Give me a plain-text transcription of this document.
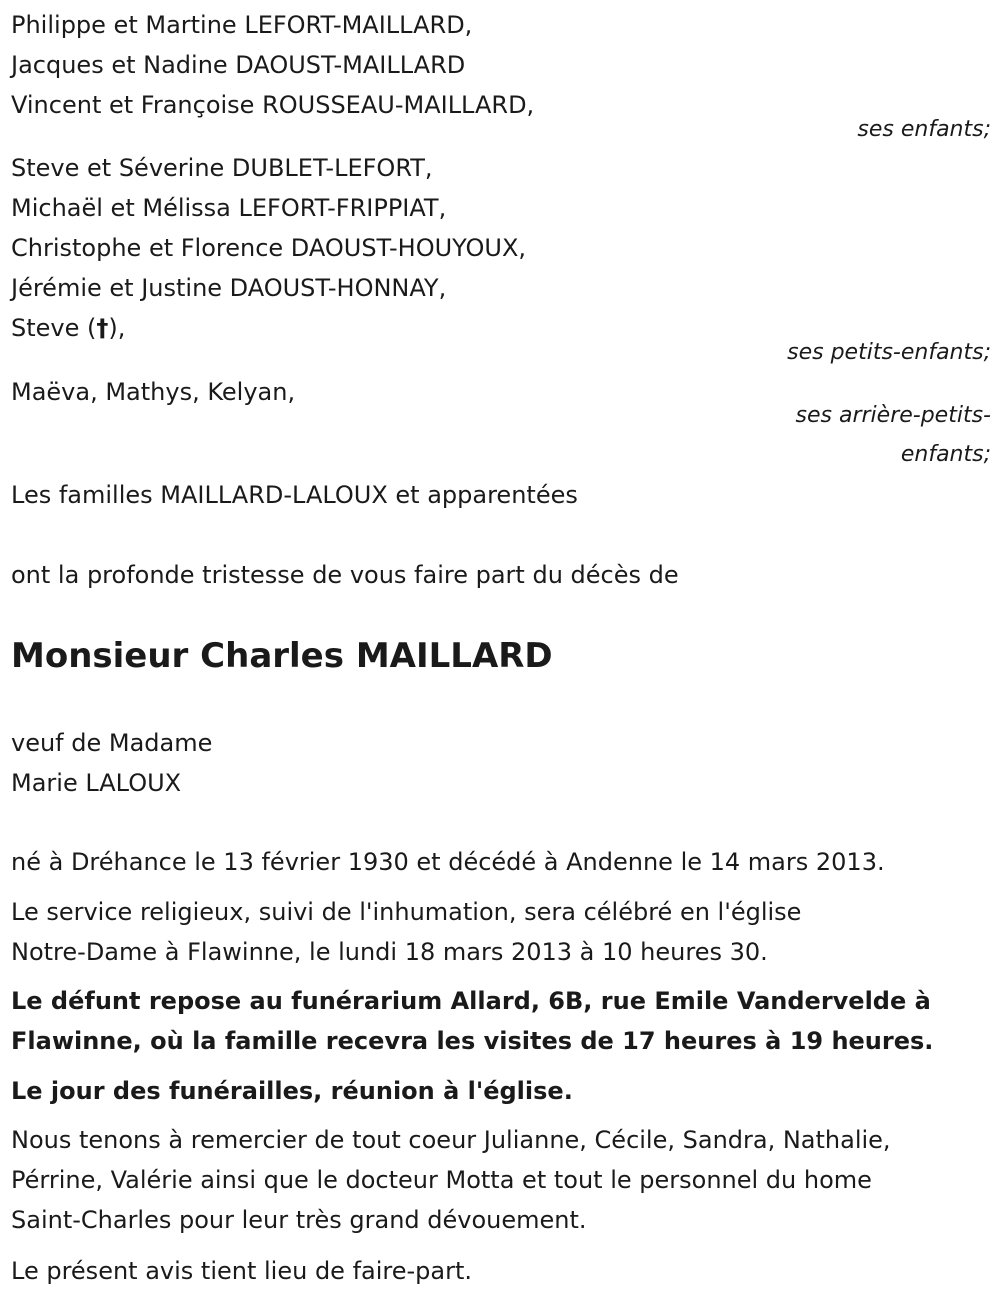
Philippe et Martine LEFORT-MAILLARD,
Jacques et Nadine DAOUST-MAILLARD
Vincent et Françoise ROUSSEAU-MAILLARD,
ses enfants;
Steve et Séverine DUBLET-LEFORT,
Michaël et Mélissa LEFORT-FRIPPIAT,
Christophe et Florence DAOUST-HOUYOUX,
Jérémie et Justine DAOUST-HONNAY,
Steve (†),
ses petits-enfants;
Maëva, Mathys, Kelyan,
ses arrière-petits-
enfants;
Les familles MAILLARD-LALOUX et apparentées
ont la profonde tristesse de vous faire part du décès de
Monsieur Charles MAILLARD
veuf de Madame
Marie LALOUX
né à Dréhance le 13 février 1930 et décédé à Andenne le 14 mars 2013.
Le service religieux, suivi de l'inhumation, sera célébré en l'église
Notre-Dame à Flawinne, le lundi 18 mars 2013 à 10 heures 30.
Le défunt repose au funérarium Allard, 6B, rue Emile Vandervelde à
Flawinne, où la famille recevra les visites de 17 heures à 19 heures.
Le jour des funérailles, réunion à l'église.
Nous tenons à remercier de tout coeur Julianne, Cécile, Sandra, Nathalie,
Pérrine, Valérie ainsi que le docteur Motta et tout le personnel du home
Saint-Charles pour leur très grand dévouement.
Le présent avis tient lieu de faire-part.
